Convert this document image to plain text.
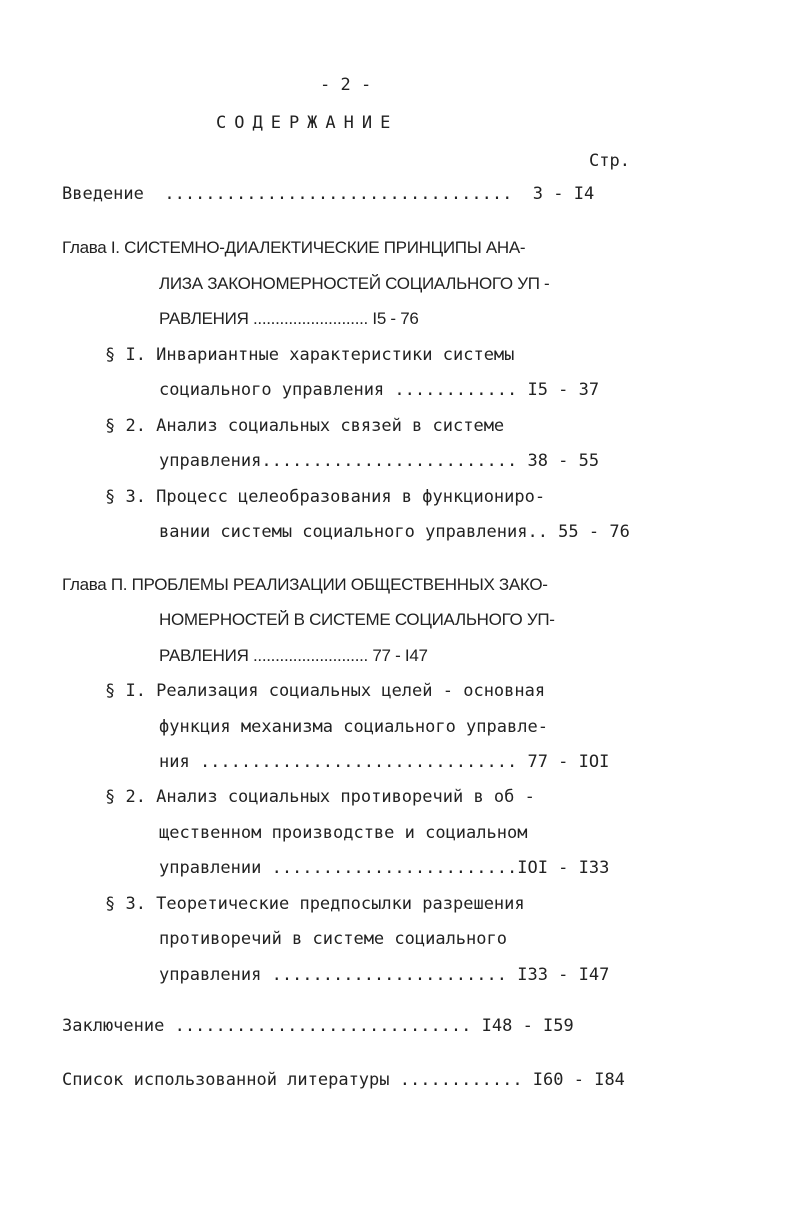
- 2 -
СОДЕРЖАНИЕ
Стр.
Введение  ..................................  3 - I4
Глава I. СИСТЕМНО-ДИАЛЕКТИЧЕСКИЕ ПРИНЦИПЫ АНА-
ЛИЗА ЗАКОНОМЕРНОСТЕЙ СОЦИАЛЬНОГО УП -
РАВЛЕНИЯ .......................... I5 - 76
§ I. Инвариантные характеристики системы
социального управления ............ I5 - 37
§ 2. Анализ социальных связей в системе
управления......................... 38 - 55
§ 3. Процесс целеобразования в функциониро-
вании системы социального управления.. 55 - 76
Глава П. ПРОБЛЕМЫ РЕАЛИЗАЦИИ ОБЩЕСТВЕННЫХ ЗАКО-
НОМЕРНОСТЕЙ В СИСТЕМЕ СОЦИАЛЬНОГО УП-
РАВЛЕНИЯ .......................... 77 - I47
§ I. Реализация социальных целей - основная
функция механизма социального управле-
ния ............................... 77 - IOI
§ 2. Анализ социальных противоречий в об -
щественном производстве и социальном
управлении ........................IOI - I33
§ 3. Теоретические предпосылки разрешения
противоречий в системе социального
управления ....................... I33 - I47
Заключение ............................. I48 - I59
Список использованной литературы ............ I60 - I84
